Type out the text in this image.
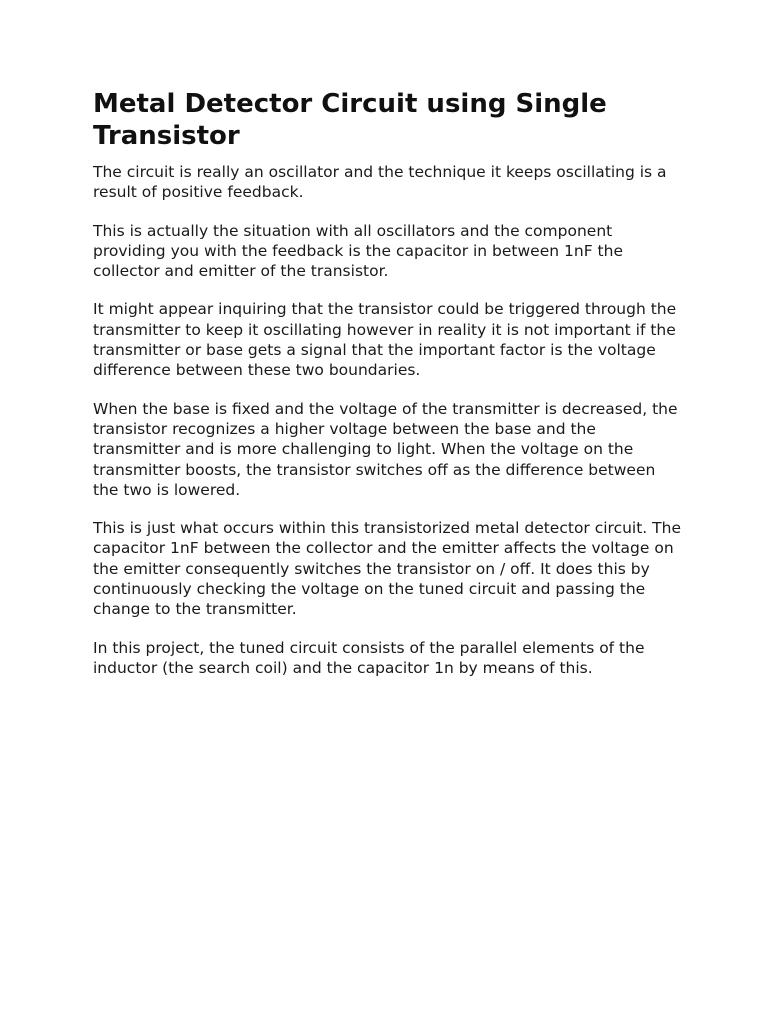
Metal Detector Circuit using Single Transistor

The circuit is really an oscillator and the technique it keeps oscillating is a result of positive feedback.

This is actually the situation with all oscillators and the component providing you with the feedback is the capacitor in between 1nF the collector and emitter of the transistor.

It might appear inquiring that the transistor could be triggered through the transmitter to keep it oscillating however in reality it is not important if the transmitter or base gets a signal that the important factor is the voltage difference between these two boundaries.

When the base is fixed and the voltage of the transmitter is decreased, the transistor recognizes a higher voltage between the base and the transmitter and is more challenging to light. When the voltage on the transmitter boosts, the transistor switches off as the difference between the two is lowered.

This is just what occurs within this transistorized metal detector circuit. The capacitor 1nF between the collector and the emitter affects the voltage on the emitter consequently switches the transistor on / off. It does this by continuously checking the voltage on the tuned circuit and passing the change to the transmitter.

In this project, the tuned circuit consists of the parallel elements of the inductor (the search coil) and the capacitor 1n by means of this.
